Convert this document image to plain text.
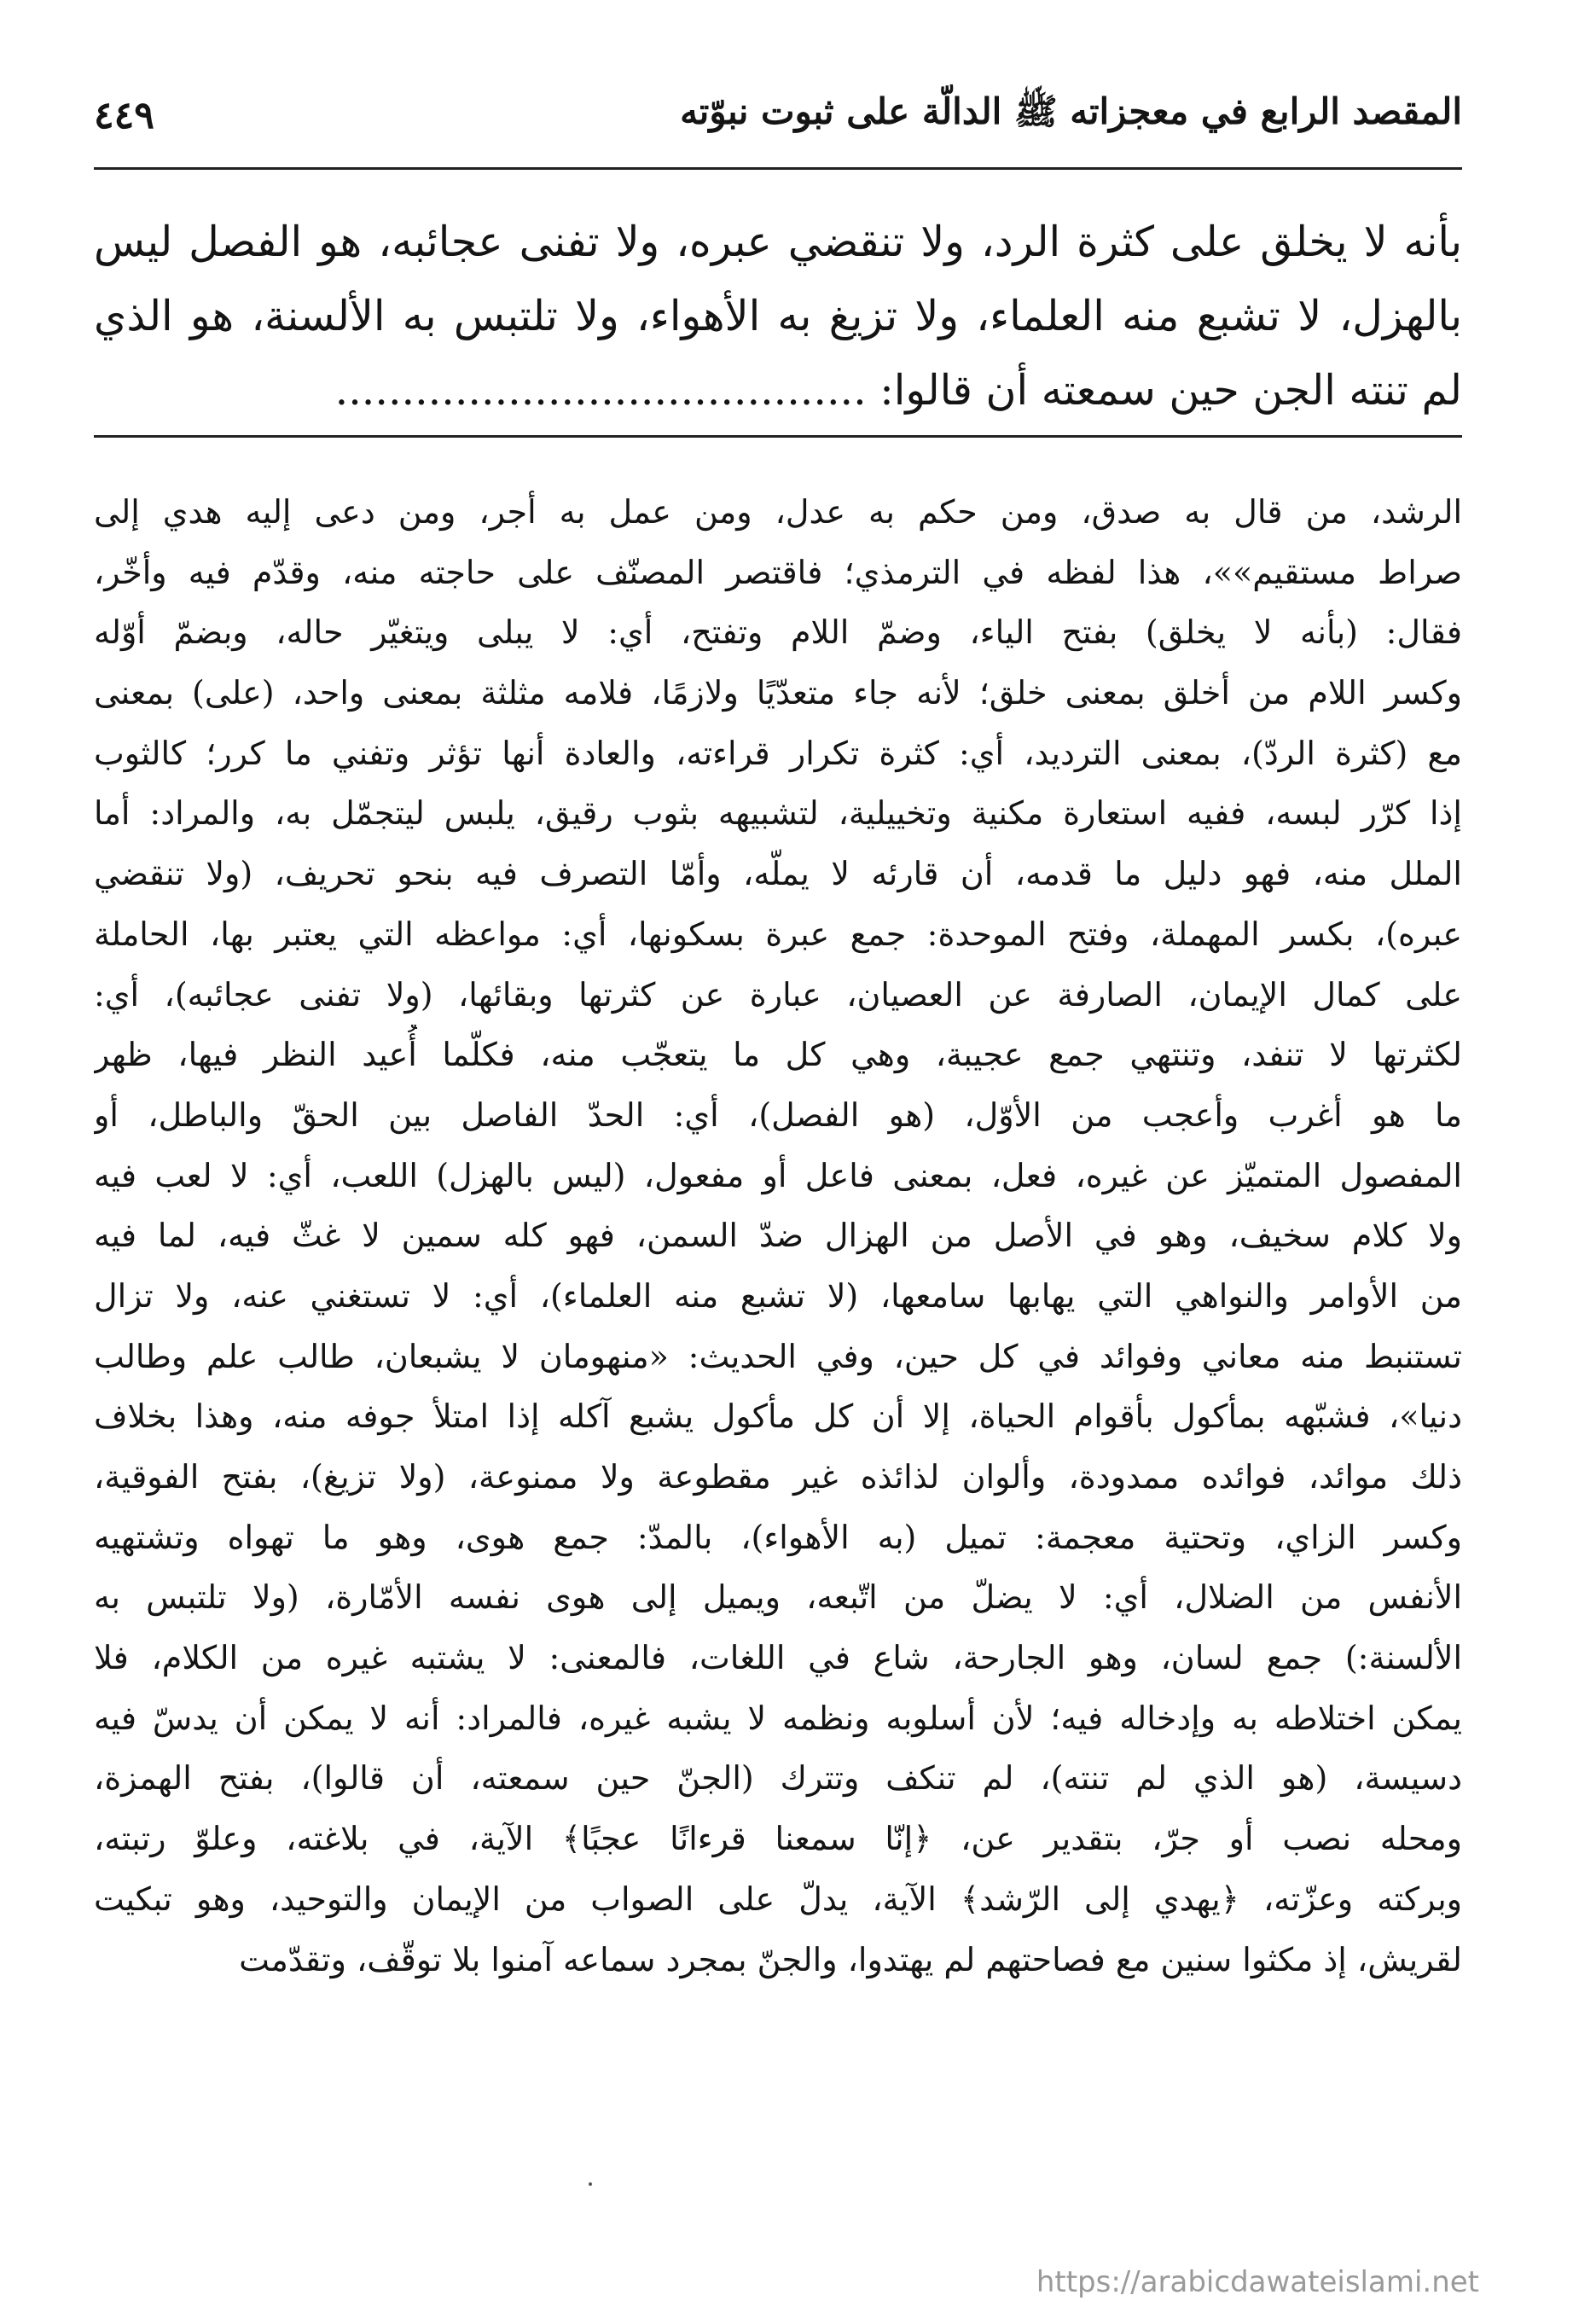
المقصد الرابع في معجزاته ﷺ الدالّة على ثبوت نبوّته
٤٤٩
بأنه لا يخلق على كثرة الرد، ولا تنقضي عبره، ولا تفنى عجائبه، هو الفصل ليس
بالهزل، لا تشبع منه العلماء، ولا تزيغ به الأهواء، ولا تلتبس به الألسنة، هو الذي
لم تنته الجن حين سمعته أن قالوا: ........................................
الرشد، من قال به صدق، ومن حكم به عدل، ومن عمل به أجر، ومن دعى إليه هدي إلى
صراط مستقيم»»، هذا لفظه في الترمذي؛ فاقتصر المصنّف على حاجته منه، وقدّم فيه وأخّر،
فقال: (بأنه لا يخلق) بفتح الياء، وضمّ اللام وتفتح، أي: لا يبلى ويتغيّر حاله، وبضمّ أوّله
وكسر اللام من أخلق بمعنى خلق؛ لأنه جاء متعدّيًا ولازمًا، فلامه مثلثة بمعنى واحد، (على) بمعنى
مع (كثرة الردّ)، بمعنى الترديد، أي: كثرة تكرار قراءته، والعادة أنها تؤثر وتفني ما كرر؛ كالثوب
إذا كرّر لبسه، ففيه استعارة مكنية وتخييلية، لتشبيهه بثوب رقيق، يلبس ليتجمّل به، والمراد: أما
الملل منه، فهو دليل ما قدمه، أن قارئه لا يملّه، وأمّا التصرف فيه بنحو تحريف، (ولا تنقضي
عبره)، بكسر المهملة، وفتح الموحدة: جمع عبرة بسكونها، أي: مواعظه التي يعتبر بها، الحاملة
على كمال الإيمان، الصارفة عن العصيان، عبارة عن كثرتها وبقائها، (ولا تفنى عجائبه)، أي:
لكثرتها لا تنفد، وتنتهي جمع عجيبة، وهي كل ما يتعجّب منه، فكلّما أُعيد النظر فيها، ظهر
ما هو أغرب وأعجب من الأوّل، (هو الفصل)، أي: الحدّ الفاصل بين الحقّ والباطل، أو
المفصول المتميّز عن غيره، فعل، بمعنى فاعل أو مفعول، (ليس بالهزل) اللعب، أي: لا لعب فيه
ولا كلام سخيف، وهو في الأصل من الهزال ضدّ السمن، فهو كله سمين لا غثّ فيه، لما فيه
من الأوامر والنواهي التي يهابها سامعها، (لا تشبع منه العلماء)، أي: لا تستغني عنه، ولا تزال
تستنبط منه معاني وفوائد في كل حين، وفي الحديث: «منهومان لا يشبعان، طالب علم وطالب
دنيا»، فشبّهه بمأكول بأقوام الحياة، إلا أن كل مأكول يشبع آكله إذا امتلأ جوفه منه، وهذا بخلاف
ذلك موائد، فوائده ممدودة، وألوان لذائذه غير مقطوعة ولا ممنوعة، (ولا تزيغ)، بفتح الفوقية،
وكسر الزاي، وتحتية معجمة: تميل (به الأهواء)، بالمدّ: جمع هوى، وهو ما تهواه وتشتهيه
الأنفس من الضلال، أي: لا يضلّ من اتّبعه، ويميل إلى هوى نفسه الأمّارة، (ولا تلتبس به
الألسنة:) جمع لسان، وهو الجارحة، شاع في اللغات، فالمعنى: لا يشتبه غيره من الكلام، فلا
يمكن اختلاطه به وإدخاله فيه؛ لأن أسلوبه ونظمه لا يشبه غيره، فالمراد: أنه لا يمكن أن يدسّ فيه
دسيسة، (هو الذي لم تنته)، لم تنكف وتترك (الجنّ حين سمعته، أن قالوا)، بفتح الهمزة،
ومحله نصب أو جرّ، بتقدير عن، ﴿إنّا سمعنا قرءانًا عجبًا﴾ الآية، في بلاغته، وعلوّ رتبته،
وبركته وعزّته، ﴿يهدي إلى الرّشد﴾ الآية، يدلّ على الصواب من الإيمان والتوحيد، وهو تبكيت
لقريش، إذ مكثوا سنين مع فصاحتهم لم يهتدوا، والجنّ بمجرد سماعه آمنوا بلا توقّف، وتقدّمت
https://arabicdawateislami.net
